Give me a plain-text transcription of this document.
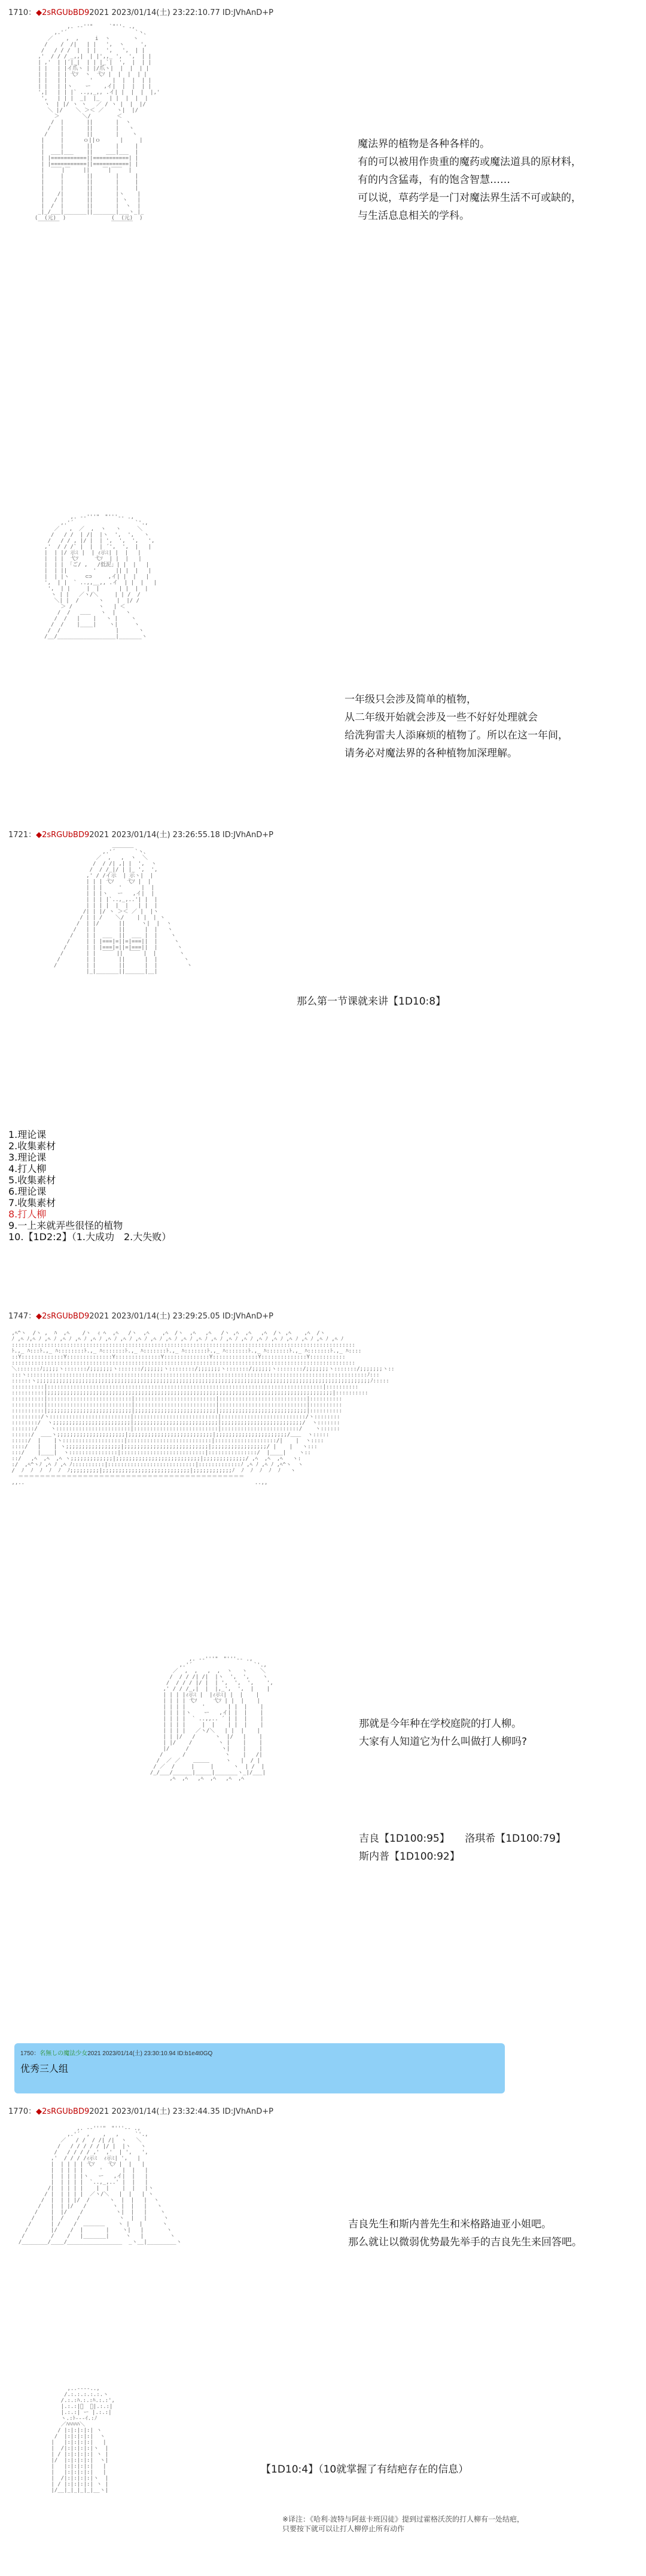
1710：◆2sRGUbBD92021 2023/01/14(土) 23:22:10.77 ID:JVhAnD+P
,. -‐''"￣￣￣`"''‐ .,
,.'´                     `ヽ、
／    ,  ,     i  ヽ       ヽ
/    /  /|   | |   ',  ヽ     ',
/   / / /  |  | |   ',   ',  | |
,'  / / / _,,|  | |',,_ ',  ',  | |
| ,'  | |´|_|  | | |_`|  ',  |  | |
| |   | |イ爪ヽ | |/爪ヽ|  |  |  | |
| |   | | 弋ｿ  ヽ  弋ｿ |  |  |  | |
| |   | |       '      |  |  |  | |
| |   | |ヽ    ー    ,イ|  |  |  | |
',|   | | |` ..,,_,, .イ| |  |  |  |,'
',   | | |  _|  |_   | |  |  |  |
ヽ  | |/ ヽ ヽ   ／ / ヽ |  |  |/
＼ |/    ＼ ＞＜ ／    ヽ|  |/
＞       ＼/        ＜
/  |       ||       |  ヽ
/   |       ||       |   ヽ
/    |       ||       |    ヽ
|     |      ｏ||ｏ      |     |
|     |       ||       |     |
|  ___|___    ||    ___|___  |
| |===========||===========| |
| |===========||===========| |
|  ￣￣|￣    ||    ￣|￣￣  |
|     |       ||       |     |
|     |       ||       |     |
|     |       ||       |     |
|    /|       ||       |ヽ    |
|   / |       ||       | ヽ   |
|  /  |       ||       |  ヽ  |
_|_/___|_______||_______|___ヽ_|_
(  (元)  )              (  (元)  )
￣￣￣￣                ￣￣￣￣

魔法界的植物是各种各样的。
有的可以被用作贵重的魔药或魔法道具的原材料，
有的内含猛毒，有的饱含智慧……
可以说，草药学是一门对魔法界生活不可或缺的，
与生活息息相关的学科。
,. -‐'''"￣"'''‐- .,
,.'´                   `'.,
／   ,  ／  ,  ヽ   ヽ     ＼
/   / /  | /|  |ヽ  ',  ',   ヽ
/   / / , |/ |  | ',  ',  ',   ',
,'  / / /` |  |  | ´',  ',  |   |
|  | |/ 示ﾐ |  | ｨ示ﾐ| |  |   |
|  | |  弋ｿ     弋ｿ  | |  |   |
|  | | 「ご/ ,   /低泥」| |  |   |
|  | ||        '      || |  |   |
|  | |ヽ     ⊂⊃     ,イ| |  |   |
',  | |  ` ..,,__,, .イ  | |  |   |
',  | |     |  |      | |  |  |
ヽ | |   ／ヽ/＼     | | /  /
＼| |  /      ヽ    |  |/ /
＞ /        ヽ   | ＜
/  /   ＿＿   ヽ  |   ヽ
/  /   |    |   ヽ |    ヽ
/  /    |____|    ヽ|     ヽ
/  /                 |      ヽ
/__/__________________|_______ヽ

一年级只会涉及简单的植物，
从二年级开始就会涉及一些不好好处理就会
给洗狗雷夫人添麻烦的植物了。所以在这一年间，
请务必对魔法界的各种植物加深理解。
1721：◆2sRGUbBD92021 2023/01/14(土) 23:26:55.18 ID:JVhAnD+P
＿＿＿＿
,.'´      `ヽ、
／  ,   ,  ヽ  ＼
/  / /| ,| |  ',  ヽ
/  / /_|/ | |_ ',  ',
,' / /イ示  | 示ヽ|  |
| | | 弋ｿ    弋ｿ |  |
| | |     '      |  |
| | |ヽ   ー   ,イ|  |
| | | |`..,_,..'| |  |
| | | |  |  |   | |  |
/| | |/ ヽ ＞＜ ／ |  |ヽ
/ | | /    ＼/    | |  | ヽ
/  | |/      ||     ヽ|  |  ヽ
/   | |       ||      |  |   ヽ
/    | |  ___  ||  ___ |  |    ヽ
/     | | |===|=||=|===||  |     ヽ
/      | | |===|=||=|===||  |      ヽ
/       | |  ￣￣ ||  ￣￣ |  |       ヽ
/        | |       ||      |  |        ヽ
/         | |       ||      |  |         ヽ
|_|_______||______|__|

那么第一节课就来讲【1D10:8】
1.理论课
2.收集素材
3.理论课
4.打人柳
5.收集素材
6.理论课
7.收集素材
8.打人柳
9.一上来就弄些很怪的植物
10.【1D2:2】（1.大成功　2.大失败）
1747：◆2sRGUbBD92021 2023/01/14(土) 23:29:25.05 ID:JVhAnD+P
,ﾍ^ヽ  /ヽ ,  ﾊ  ,ﾍ    /ヽ  ｨ ﾍ  ,ﾍ   /ヽ  ,ﾍ    ,ﾍ  /ヽ  ,ﾍ   ,ﾍ   /ヽ ,ﾍ  ,ﾍ   ,ﾍ  /ヽ ,ﾍ    ,ﾍ  /ヽ
ﾉ ,ﾍ ﾉ,ﾍ ﾉ ,ﾍ ﾉ ,ﾍ ﾉ ,ﾍ ﾉ ,ﾍ ﾉ ,ﾍ ﾉ ,ﾍ ﾉ ,ﾍ ﾉ ,ﾍ ﾉ ,ﾍ ﾉ ,ﾍ ﾉ ,ﾍ ﾉ ,ﾍ ﾉ ,ﾍ ﾉ ,ﾍ ﾉ ,ﾍ ﾉ ,ﾍ ﾉ ,ﾍ ﾉ ,ﾍ ﾉ ,ﾍ ﾉ ,ﾍ ﾉ
::::::::::::::::::::::::::::::::::::::::::::::::::::::::::::::::::::::::::::::::::::::::::::::::::::::::::
ﾄ.,_ ﾊ:::ﾄ.,_ ﾊ::::::::ﾄ.,_ ﾊ:::::::ﾄ.,_ ﾊ:::::::ﾄ.,_ ﾊ:::::::ﾄ.,_ ﾊ:::::::ﾄ.,_ ﾊ:::::::ﾄ.,_ ﾊ:::::::ﾄ.,_ ﾊ::::
::Y:::::::::::::Y::::::::::::::Y::::::::::::::Y::::::::::::::Y::::::::::::::Y::::::::::::::Y:::::::::::
::::::::::::::::::::::::::::::::::::::::::::::::::::::::::::::::::::::::::::::::::::::::::::::::::::::::::
＼:::::::ﾉ;;;;;ヽ:::::::/;;;;;;;ヽ:::::::/;;;;;;ヽ::::::::/;;;;;;;ヽ:::::::/;;;;;;ヽ::::::::/;;;;;;;ヽ:::::::/;;;;;;;ヽ::
:::ヽ:::::::::::::::::::::::::::::::::::::::::::::::::::::::::::::::::::::::::::::::::::::::::::::::::::::::::ﾉ:::
::::::ヽ;;;;;;;;;;;;;;;;;;;;;;;;;;;;;;;;;;;;;;;;;;;;;;;;;;;;;;;;;;;;;;;;;;;;;;;;;;;;;;;;;;;;;;;;;;;;;;;;;;;;;;;ﾉ:::::
::::::::::|:::::::::::::::::::::::::::::::::::::::::::::::::::::::::::::::::::::::::::::::::::::|::::::::::
::::::::::|;;;;;;;;;;;;;;;;;;;;;;;;;;;;;;;;;;;;;;;;;;;;;;;;;;;;;;;;;;;;;;;;;;;;;;;;;;;;;;;;;;;;;;;;|::::::::::
::::::::::|::::::::::::::::::::::::::|:::::::::::::::::::::::::|:::::::::::::::::::::::::::|::::::::::
::::::::::|::::::::::::::::::::::::::|:::::::::::::::::::::::::|:::::::::::::::::::::::::::|::::::::::
::::::::::|;;;;;;;;;;;;;;;;;;;;;;;;;;|;;;;;;;;;;;;;;;;;;;;;;;;;|;;;;;;;;;;;;;;;;;;;;;;;;;;;|::::::::::
:::::::::/ヽ:::::::::::::::::::::::::|::::::::::::::::::::::::::|::::::::::::::::::::::::::/ヽ::::::::
::::::::/  ヽ;;;;;;;;;;;;;;;;;;;;;;;;|;;;;;;;;;;;;;;;;;;;;;;;;;;|;;;;;;;;;;;;;;;;;;;;;;;;;/  ヽ:::::::
:::::::/    ヽ:::::::::::::::::::::::|::::::::::::::::::::::::::|::::::::::::::::::::::::/    ヽ::::::
::::::/  ＿＿ヽ;;;;;;;;;;;;;;;;;;;;;|;;;;;;;;;;;;;;;;;;;;;;;;;;|;;;;;;;;;;;;;;;;;;;;;;/＿＿  ヽ:::::
:::::/  |    |ヽ:::::::::::::::::::|::::::::::::::::::::::::::|:::::::::::::::::::/|    |  ヽ::::
::::/   |    | ヽ;;;;;;;;;;;;;;;;;|;;;;;;;;;;;;;;;;;;;;;;;;;;|;;;;;;;;;;;;;;;;;/ |    |   ヽ:::
:::/    |____|  ヽ:::::::::::::::|::::::::::::::::::::::::::|:::::::::::::::/  |____|    ヽ::
::/   ,ﾍ  ,ﾍ  ,ﾍ ヽ;;;;;;;;;;;;;|;;;;;;;;;;;;;;;;;;;;;;;;;;|;;;;;;;;;;;;;/ ,ﾍ  ,ﾍ  ,ﾍ   ヽ:
:/  ,ﾍ^ヽﾉ ,ﾍ ﾉ ,ﾍ ﾉ::::::::::|:::::::::::::::::::::::::::|:::::::::::::ﾉ ,ﾍ ﾉ ,ﾍ ﾉ ,ﾍ^ヽ  ヽ
/  ﾉ  ﾉ  ﾉ  ﾉ  ﾉ  ﾉ;;;;;;;;;|;;;;;;;;;;;;;;;;;;;;;;;;;;;|;;;;;;;;;;;;ﾉ  ﾉ  ﾉ  ﾉ  ﾉ  ﾉ   ヽ
＝＝＝＝＝＝＝＝＝＝＝＝＝＝＝＝＝＝＝＝＝＝＝＝＝＝＝＝＝＝＝＝＝＝＝＝＝＝＝＝＝＝
,,..                                                                       ..,,

,. -‐'''"￣"'''‐- .,
,.'´                   `'.,
／  ,  ,   ,  ,  ヽ   ヽ    ＼
/  / / /| /|  |ヽ  ',  ',    ヽ
/  / / / |/ |  | ',  ',  ',    ',
,' / / /_,|  |  |,_',  ',  |    |
| | | |ｨ示ﾐ |  |ｨ示ﾐ| |  |    |
| | | | 弋ｿ     弋ｿ | |  |    |
| | | |     '       | |  |    |
| | | |ヽ    ー   ,イ| |  |    |
| | | |  ` ..,,.. ´ | |  |    |
| | | |     |  |    | |  |    |
| | | |   ／ヽ/＼   | |  |    |
| | |/   /      ヽ  |/   |    |
| |/    /        ヽ |    |    |
|/     /          ヽ|    |    |
/      /            ヽ    |   /|
/  ／ ／    ＿＿＿     ヽ   |  / |
/ ／  /     |     |      ヽ  | /  |
/_/___/______|_____|_______ヽ_|/___|
,ﾍ  ,ﾍ   ,ﾍ  ,ﾍ   ,ﾍ  ,ﾍ

那就是今年种在学校庭院的打人柳。
大家有人知道它为什么叫做打人柳吗?
吉良【1D100:95】　　 洛琪希【1D100:79】
斯内普【1D100:92】
1750：名無しの魔法少女2021 2023/01/14(土) 23:30:10.94 ID:b1e4t0GQ
优秀三人组
1770：◆2sRGUbBD92021 2023/01/14(土) 23:32:44.35 ID:JVhAnD+P
,. -‐'''"￣"'''‐- .,
,.'´  ,    ,   ,     `'.,
／   / /  / /| /|  ヽ   ＼
/   / / / / / |/ |  |ヽ   ヽ
/   / / / / ,'  ,'  | ',   ',
,'  / / / /ｨ示ﾐ  ｨ示ﾐ| ',   |
|  | | | | 弋ｿ    弋ｿ |  |   |
|  | | | |     '      |  |   |
|  | | | |ヽ   ー   ,イ|  |   |
|  | | | |  `..,_,..' |  |   |
/|  | | | |    |  |    |  |   |ヽ
/ |  | | | |  ／ヽ/＼   |  |   | ヽ
/  |  | | |/  /      ヽ  |  |   |  ヽ
/   |  | |/   /        ヽ |  |   |   ヽ
/    |  |/    /          ヽ|  |   |    ヽ
/     |  /    /            ヽ  |   |     ヽ
/      | /    /  ＿＿＿＿    ヽ |   |      ヽ
/       |/    /  |       |    ヽ|   |       ヽ
/        /    /   |_______|     ヽ   |        ヽ
/________/____/_________________  _ヽ__|_________ヽ

吉良先生和斯内普先生和米格路迪亚小姐吧。
那么就让以微弱优势最先举手的吉良先生来回答吧。
,..-‐‐-..,
/.:.:.:.:.:.ヽ
/.:.:ﾊ.:.:ﾊ.:.:',
|.:.:|ﾟ  ﾟ|.:.:|
|.:.:| ー |.:.:|
ヽ.:ﾄ-‐-ｲ.:ﾉ
／ﾊﾊﾊﾊﾊ＼
/ |:|:|:|:| ヽ
/  |:|:|:|:|  ヽ
|   |:|:|:|:|   |
|  /|:|:|:|:|ヽ  |
| / |:|:|:|:| ヽ |
|/  |:|:|:|:|  ヽ|
|   |:|:|:|:|   |
|   |:|:|:|:|   |
|  /|:|:|:|:|ヽ  |
| / |:|:|:|:| ヽ |
|/__|_|_|_|_|__ヽ|

【1D10:4】（10就掌握了有结疤存在的信息）
※译注：《哈利·波特与阿兹卡班囚徒》提到过霍格沃茨的打人柳有一处结疤，
只要按下就可以让打人柳停止所有动作
